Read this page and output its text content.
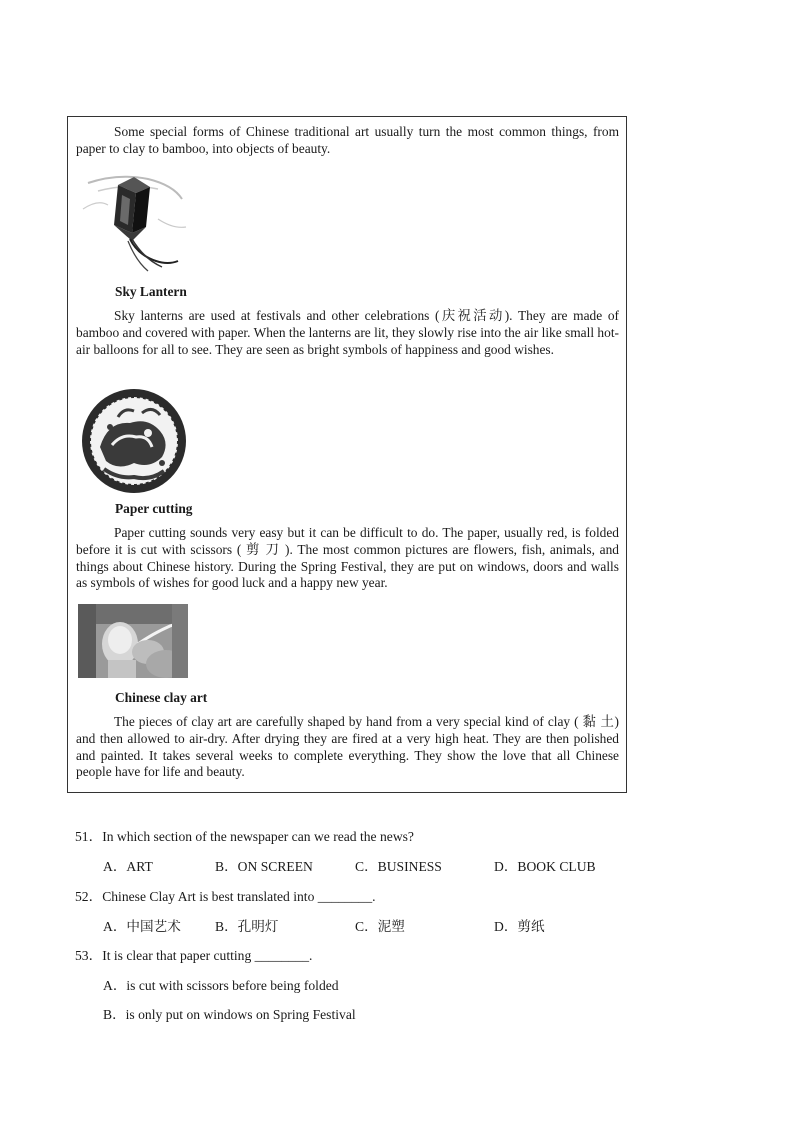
Some special forms of Chinese traditional art usually turn the most common things, from paper to clay to bamboo, into objects of beauty.

Sky Lantern

Sky lanterns are used at festivals and other celebrations (庆祝活动). They are made of bamboo and covered with paper. When the lanterns are lit, they slowly rise into the air like small hot-air balloons for all to see. They are seen as bright symbols of happiness and good wishes.

Paper cutting

Paper cutting sounds very easy but it can be difficult to do. The paper, usually red, is folded before it is cut with scissors ( 剪 刀 ). The most common pictures are flowers, fish, animals, and things about Chinese history. During the Spring Festival, they are put on windows, doors and walls as symbols of wishes for good luck and a happy new year.

Chinese clay art

The pieces of clay art are carefully shaped by hand from a very special kind of clay ( 黏 土) and then allowed to air-dry. After drying they are fired at a very high heat. They are then polished and painted. It takes several weeks to complete everything. They show the love that all Chinese people have for life and beauty.

51．In which section of the newspaper can we read the news?

A．ART	B．ON SCREEN	C．BUSINESS	D．BOOK CLUB

52．Chinese Clay Art is best translated into ________.

A．中国艺术	B．孔明灯	C．泥塑	D．剪纸

53．It is clear that paper cutting ________.

A．is cut with scissors before being folded

B．is only put on windows on Spring Festival
